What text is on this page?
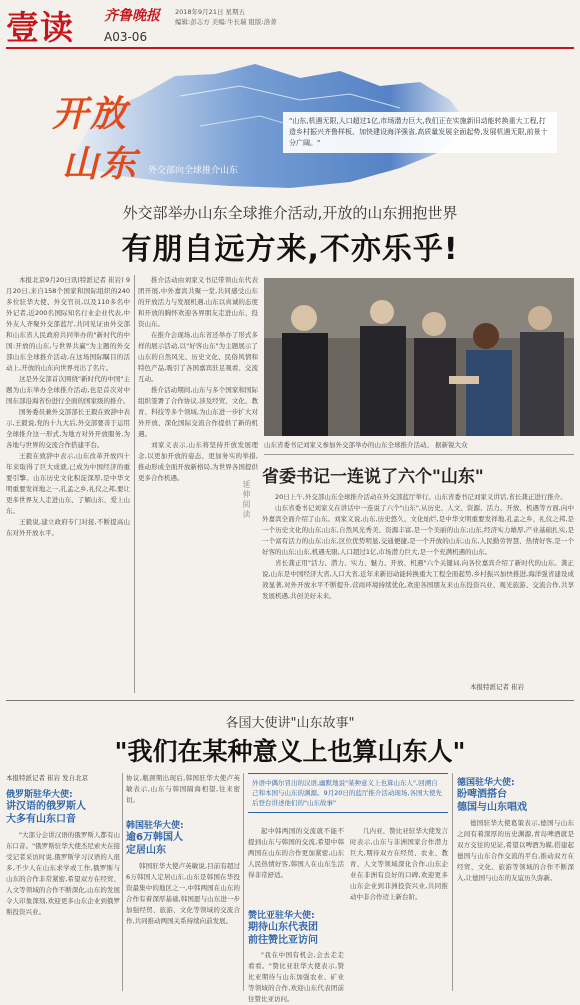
壹读	A03-06
齐鲁晚报 2018年9月21日 星期五
编辑:彭志方 美编:牛长瑞 组版:洛菁
开放
山东 外交部向全球推介山东
"山东,机遇无限,人口超过1亿,市场潜力巨大,我们正在实施新旧动能转换重大工程,打造乡村振兴齐鲁样板、加快建设海洋强省,高质量发展全面起势,发展机遇无限,前景十分广阔。"
外交部举办山东全球推介活动,开放的山东拥抱世界
有朋自远方来,不亦乐乎!
本报北京9月20日讯(特派记者 崔岩) 9月20日,来自158个国家和国际组织的240多位驻华大使、外交官员,以及110多名中外记者,近200名国际知名行业企业代表,中外友人齐聚外交部蓝厅,共同见证由外交部和山东省人民政府共同举办的"新时代的中国:开放的山东,与世界共赢"为主题的外交部山东全球推介活动,在这场国际瞩目的活动上,开放的山东向世界亮出了名片。
这是外交部首次围绕"新时代的中国"主题为山东举办全球推介活动,也是首次对中国东部沿海省份进行全面的国家级的推介。
国务委员兼外交部部长王毅在致辞中表示,王毅说,党的十九大后,外交部要善于运用全球推介这一形式,为地方对外开放服务,为各地与世界的交流合作搭建平台。
王毅在致辞中表示,山东改革开放四十年来取得了巨大成就,已成为中国经济的重要引擎。山东历史文化积淀深厚,是中华文明重要发祥地之一,孔孟之乡,礼仪之邦,要让更多世界友人走进山东、了解山东、爱上山东。
王毅说,建立政府专门对接,不断提高山东对外开放水平。
推介活动由刘家义书记带领山东代表团开展,中外嘉宾共聚一堂,共同感受山东的开放活力与发展机遇,山东以真诚的态度和开放的胸怀欢迎各界朋友走进山东、投资山东。
在推介会现场,山东省还举办了形式多样的展示活动,以"好客山东"为主题展示了山东的自然风光、历史文化、民俗风情和特色产品,吸引了各国嘉宾驻足观看、交流互动。
推介活动期间,山东与多个国家和国际组织签署了合作协议,涉及经贸、文化、教育、科技等多个领域,为山东进一步扩大对外开放、深化国际交流合作提供了新的机遇。
刘家义表示,山东将坚持开放发展理念,以更加开放的姿态、更加务实的举措,推动形成全面开放新格局,为世界各国提供更多合作机遇。
山东省委书记刘家义参加外交部举办的山东全球推介活动。 据新锐大众
延伸阅读
省委书记一连说了六个"山东"
20日上午,外交部山东全球推介活动在外交部蓝厅举行。山东省委书记刘家义讲话,省长龚正进行推介。
山东省委书记刘家义在讲话中一连说了六个"山东",从历史、人文、资源、活力、开放、机遇等方面,向中外嘉宾全面介绍了山东。刘家义说,山东,历史悠久、文化灿烂,是中华文明重要发祥地,孔孟之乡、礼仪之邦,是一个历史文化的山东;山东,自然风光秀美、资源丰富,是一个美丽的山东;山东,经济实力雄厚,产业基础扎实,是一个富有活力的山东;山东,区位优势明显,交通便捷,是一个开放的山东;山东,人民勤劳智慧、热情好客,是一个好客的山东;山东,机遇无限,人口超过1亿,市场潜力巨大,是一个充满机遇的山东。
省长龚正用"活力、潜力、实力、魅力、开放、机遇"六个关键词,向各位嘉宾介绍了新时代的山东。龚正说,山东是中国经济大省,人口大省,近年来新旧动能转换重大工程全面起势,乡村振兴加快推进,海洋强省建设成效显著,对外开放水平不断提升,营商环境持续优化,欢迎各国朋友来山东投资兴业、观光旅游、交流合作,共享发展机遇,共创美好未来。
本报特派记者 崔岩
各国大使讲"山东故事"
"我们在某种意义上也算山东人"
本报特派记者 崔岩 发自北京
俄罗斯驻华大使:
讲汉语的俄罗斯人
大多有山东口音
"大部分会讲汉语的俄罗斯人都有山东口音。"俄罗斯驻华大使杰尼索夫在接受记者采访时说,俄罗斯学习汉语的人很多,不少人在山东求学或工作,俄罗斯与山东的合作非常紧密,希望双方在经贸、人文等领域的合作不断深化,山东的发展令人印象深刻,欢迎更多山东企业到俄罗斯投资兴业。
协议,瓶颈期出现后,韩国驻华大使卢英敏表示,山东与韩国隔海相望,往来密切。
韩国驻华大使:
逾6万韩国人
定居山东
韩国驻华大使卢英敏说,目前有超过6万韩国人定居山东,山东是韩国在华投资最集中的地区之一,中韩两国在山东的合作有着深厚基础,韩国愿与山东进一步加强经贸、旅游、文化等领域的交流合作,共同推动两国关系持续向前发展。
外语中偶尔冒出的汉语,幽默地说"某种意义上也算山东人",回溯自己和本国与山东的渊源。9月20日的蓝厅推介活动现场,各国大使先后登台讲述他们的"山东故事"
起中韩两国的交流就不能不提到山东与韩国的交流,希望中韩两国在山东的合作更加紧密,山东人民热情好客,韩国人在山东生活得非常舒适。
赞比亚驻华大使:
期待山东代表团
前往赞比亚访问
"我在中国有机会,会去走走看看。"赞比亚驻华大使表示,赞比亚期待与山东加强农业、矿业等领域的合作,欢迎山东代表团前往赞比亚访问。
几内亚、赞比亚驻华大使发言时表示,山东与非洲国家合作潜力巨大,期待双方在经贸、农业、教育、人文等领域深化合作,山东企业在非洲有良好的口碑,欢迎更多山东企业到非洲投资兴业,共同推动中非合作迈上新台阶。
德国驻华大使:
盼啤酒搭台
德国与山东唱戏
德国驻华大使葛策表示,德国与山东之间有着深厚的历史渊源,青岛啤酒就是双方交往的见证,希望以啤酒为媒,搭建起德国与山东合作交流的平台,推动双方在经贸、文化、旅游等领域的合作不断深入,让德国与山东的友谊历久弥新。
